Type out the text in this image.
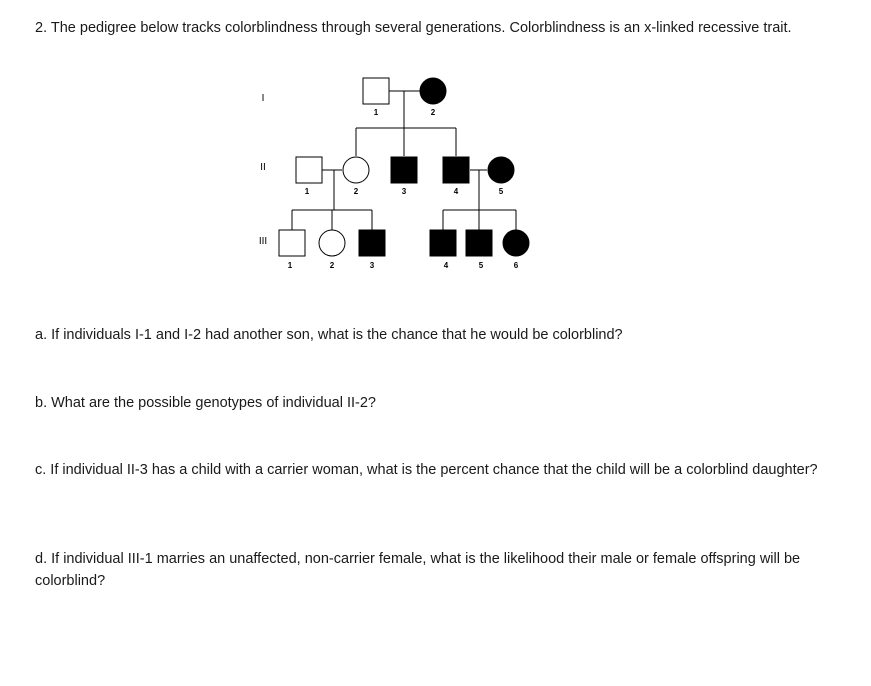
2. The pedigree below tracks colorblindness through several generations. Colorblindness is an x-linked recessive trait.
I
II
III
1	2
1	2	3	4	5
1	2	3	4	5	6
a. If individuals I-1 and I-2 had another son, what is the chance that he would be colorblind?
b. What are the possible genotypes of individual II-2?
c. If individual II-3 has a child with a carrier woman, what is the percent chance that the child will be a colorblind daughter?
d. If individual III-1 marries an unaffected, non-carrier female, what is the likelihood their male or female offspring will be colorblind?
